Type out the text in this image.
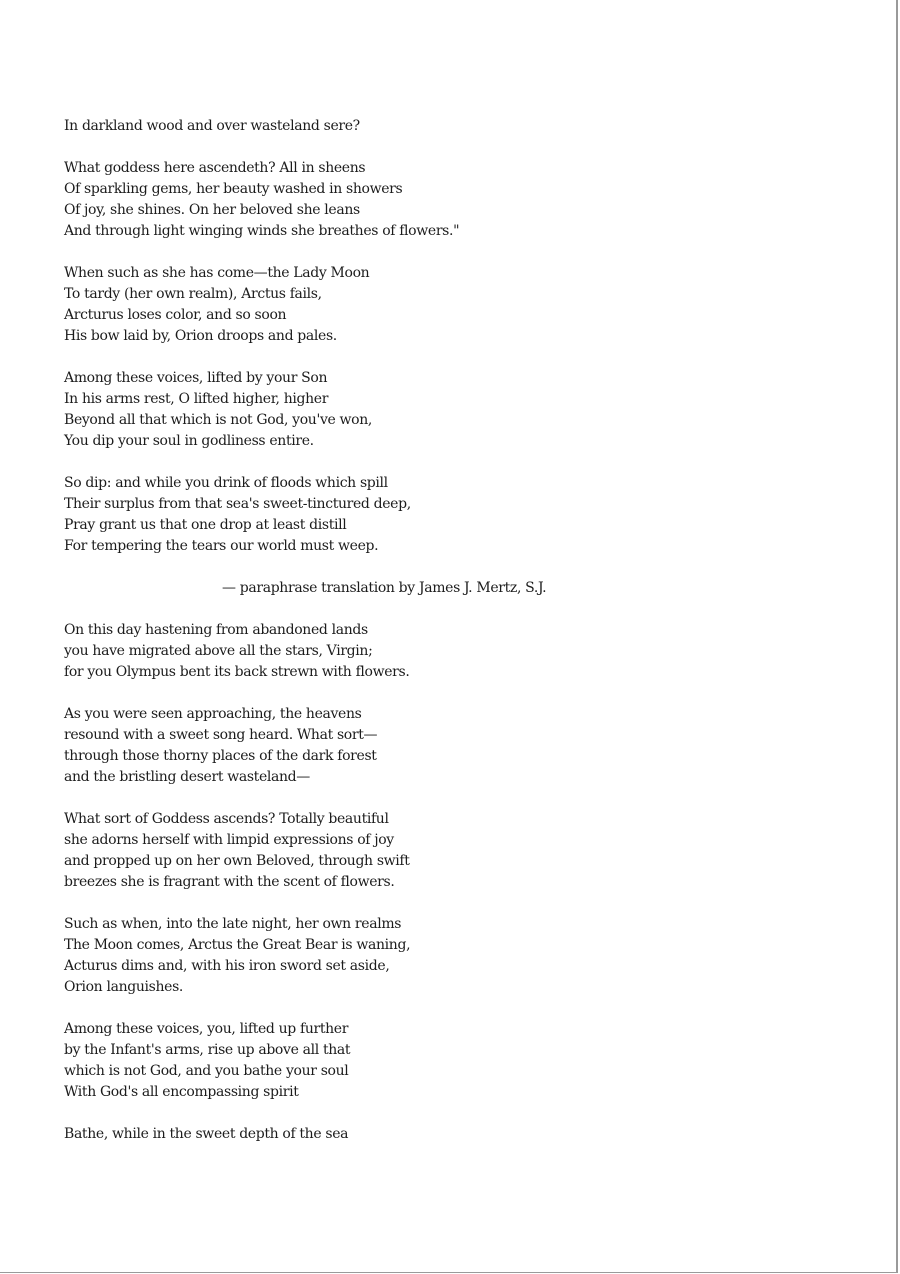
In darkland wood and over wasteland sere?
What goddess here ascendeth? All in sheens
Of sparkling gems, her beauty washed in showers
Of joy, she shines. On her beloved she leans
And through light winging winds she breathes of flowers."
When such as she has come—the Lady Moon
To tardy (her own realm), Arctus fails,
Arcturus loses color, and so soon
His bow laid by, Orion droops and pales.
Among these voices, lifted by your Son
In his arms rest, O lifted higher, higher
Beyond all that which is not God, you've won,
You dip your soul in godliness entire.
So dip: and while you drink of floods which spill
Their surplus from that sea's sweet-tinctured deep,
Pray grant us that one drop at least distill
For tempering the tears our world must weep.
— paraphrase translation by James J. Mertz, S.J.
On this day hastening from abandoned lands
you have migrated above all the stars, Virgin;
for you Olympus bent its back strewn with flowers.
As you were seen approaching, the heavens
resound with a sweet song heard. What sort—
through those thorny places of the dark forest
and the bristling desert wasteland—
What sort of Goddess ascends? Totally beautiful
she adorns herself with limpid expressions of joy
and propped up on her own Beloved, through swift
breezes she is fragrant with the scent of flowers.
Such as when, into the late night, her own realms
The Moon comes, Arctus the Great Bear is waning,
Acturus dims and, with his iron sword set aside,
Orion languishes.
Among these voices, you, lifted up further
by the Infant's arms, rise up above all that
which is not God, and you bathe your soul
With God's all encompassing spirit
Bathe, while in the sweet depth of the sea
